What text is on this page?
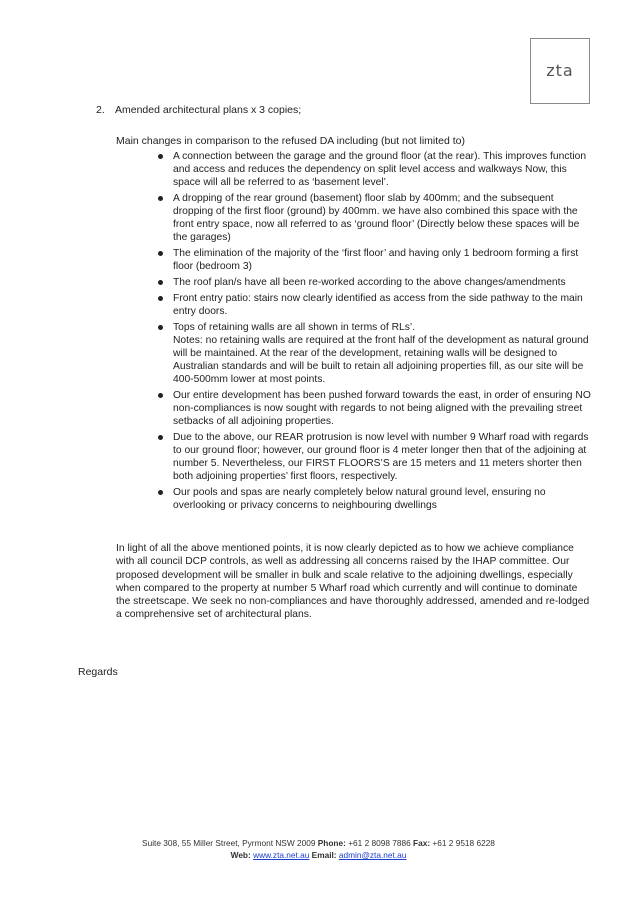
zta
2. Amended architectural plans x 3 copies;
Main changes in comparison to the refused DA including (but not limited to)
A connection between the garage and the ground floor (at the rear). This improves function and access and reduces the dependency on split level access and walkways Now, this space will all be referred to as ‘basement level’.
A dropping of the rear ground (basement) floor slab by 400mm; and the subsequent dropping of the first floor (ground) by 400mm. we have also combined this space with the front entry space, now all referred to as ‘ground floor’ (Directly below these spaces will be the garages)
The elimination of the majority of the ‘first floor’ and having only 1 bedroom forming a first floor (bedroom 3)
The roof plan/s have all been re-worked according to the above changes/amendments
Front entry patio: stairs now clearly identified as access from the side pathway to the main entry doors.
Tops of retaining walls are all shown in terms of RLs’.
Notes: no retaining walls are required at the front half of the development as natural ground will be maintained. At the rear of the development, retaining walls will be designed to Australian standards and will be built to retain all adjoining properties fill, as our site will be 400-500mm lower at most points.
Our entire development has been pushed forward towards the east, in order of ensuring NO non-compliances is now sought with regards to not being aligned with the prevailing street setbacks of all adjoining properties.
Due to the above, our REAR protrusion is now level with number 9 Wharf road with regards to our ground floor; however, our ground floor is 4 meter longer then that of the adjoining at number 5. Nevertheless, our FIRST FLOORS’S are 15 meters and 11 meters shorter then both adjoining properties’ first floors, respectively.
Our pools and spas are nearly completely below natural ground level, ensuring no overlooking or privacy concerns to neighbouring dwellings
In light of all the above mentioned points, it is now clearly depicted as to how we achieve compliance with all council DCP controls, as well as addressing all concerns raised by the IHAP committee. Our proposed development will be smaller in bulk and scale relative to the adjoining dwellings, especially when compared to the property at number 5 Wharf road which currently and will continue to dominate the streetscape. We seek no non-compliances and have thoroughly addressed, amended and re-lodged a comprehensive set of architectural plans.
Regards
Suite 308, 55 Miller Street, Pyrmont NSW 2009 Phone: +61 2 8098 7886 Fax: +61 2 9518 6228
Web: www.zta.net.au Email: admin@zta.net.au
